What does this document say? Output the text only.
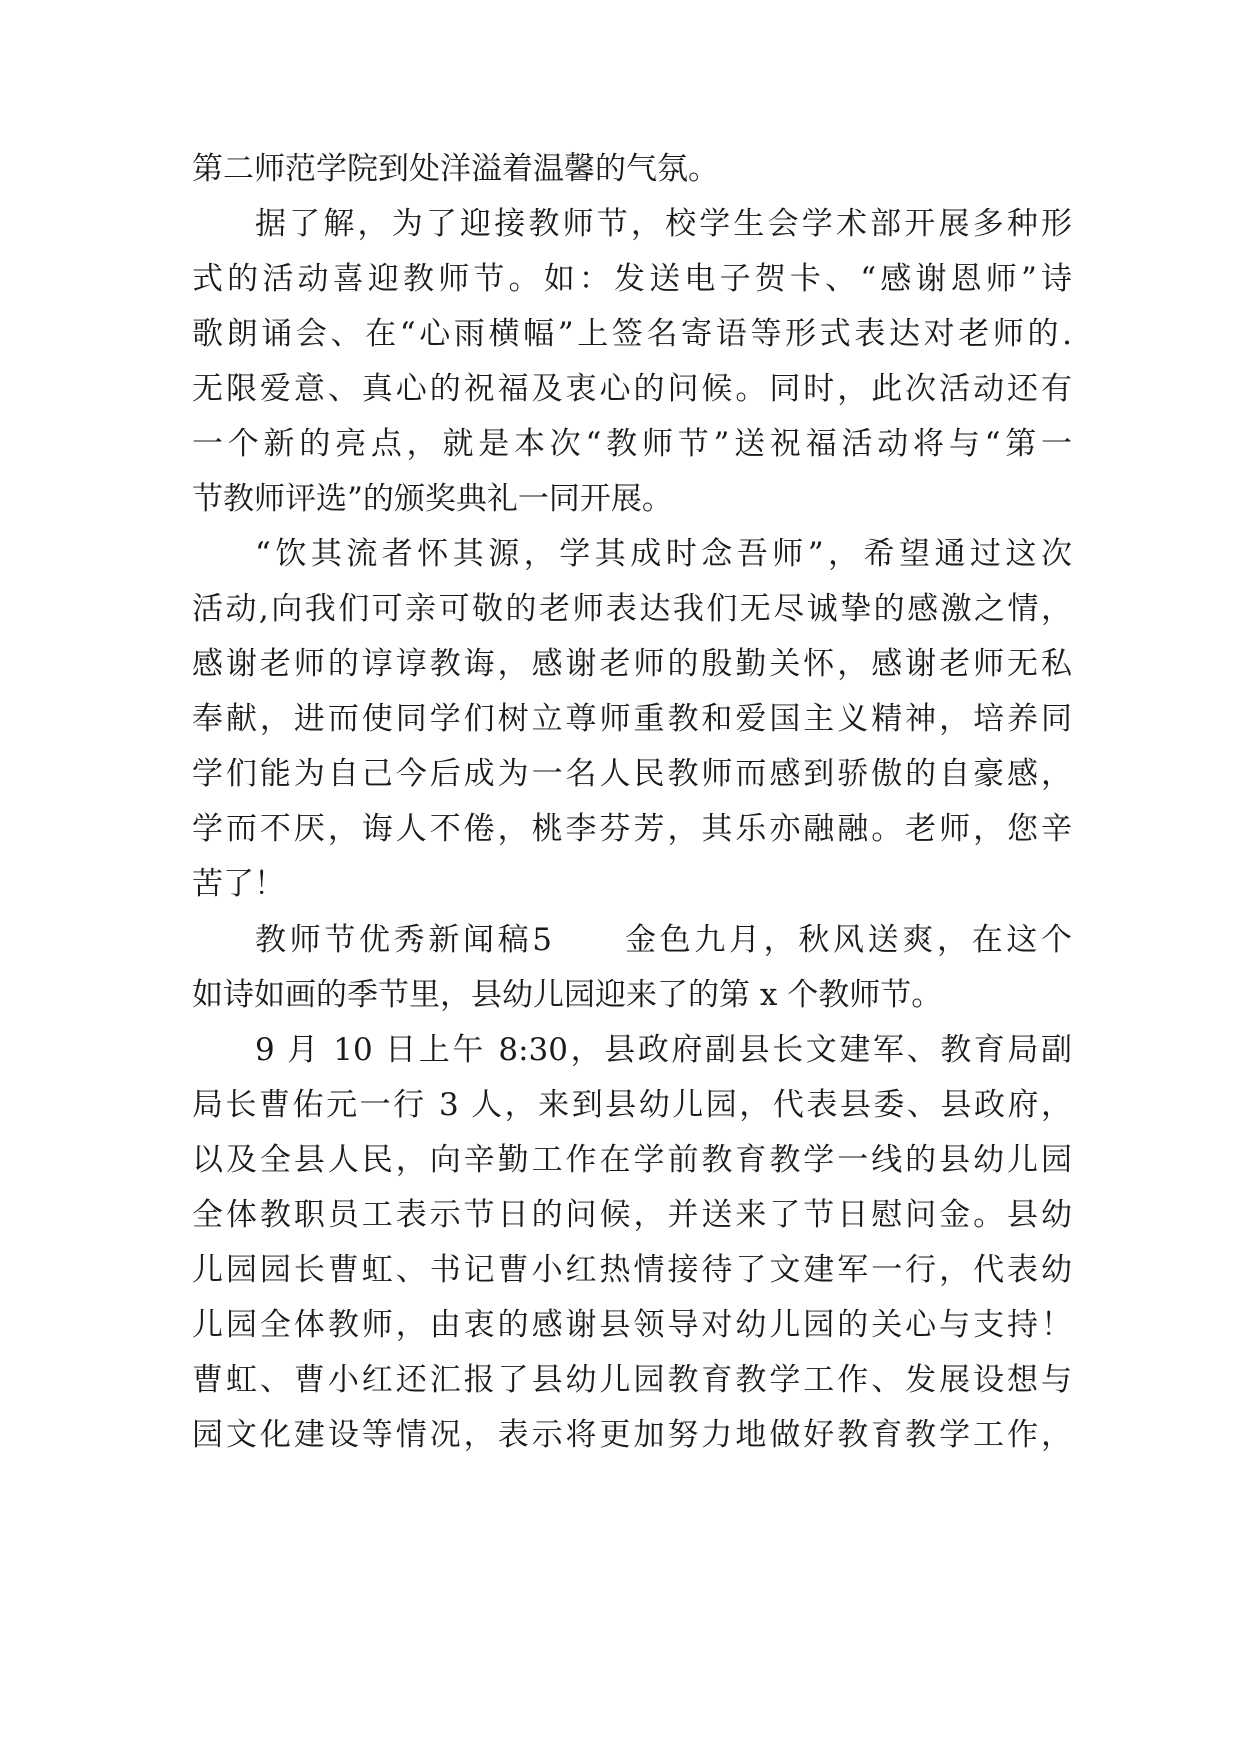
第二师范学院到处洋溢着温馨的气氛。
据了解，为了迎接教师节，校学生会学术部开展多种形
式的活动喜迎教师节。如：发送电子贺卡、“感谢恩师”诗
歌朗诵会、在“心雨横幅”上签名寄语等形式表达对老师的.
无限爱意、真心的祝福及衷心的问候。同时，此次活动还有
一个新的亮点，就是本次“教师节”送祝福活动将与“第一
节教师评选”的颁奖典礼一同开展。
“饮其流者怀其源，学其成时念吾师”，希望通过这次
活动,向我们可亲可敬的老师表达我们无尽诚挚的感激之情，
感谢老师的谆谆教诲，感谢老师的殷勤关怀，感谢老师无私
奉献，进而使同学们树立尊师重教和爱国主义精神，培养同
学们能为自己今后成为一名人民教师而感到骄傲的自豪感，
学而不厌，诲人不倦，桃李芬芳，其乐亦融融。老师，您辛
苦了！
教师节优秀新闻稿5　　金色九月，秋风送爽，在这个
如诗如画的季节里，县幼儿园迎来了的第 x 个教师节。
9 月 10 日上午 8:30，县政府副县长文建军、教育局副
局长曹佑元一行 3 人，来到县幼儿园，代表县委、县政府，
以及全县人民，向辛勤工作在学前教育教学一线的县幼儿园
全体教职员工表示节日的问候，并送来了节日慰问金。县幼
儿园园长曹虹、书记曹小红热情接待了文建军一行，代表幼
儿园全体教师，由衷的感谢县领导对幼儿园的关心与支持！
曹虹、曹小红还汇报了县幼儿园教育教学工作、发展设想与
园文化建设等情况，表示将更加努力地做好教育教学工作，
